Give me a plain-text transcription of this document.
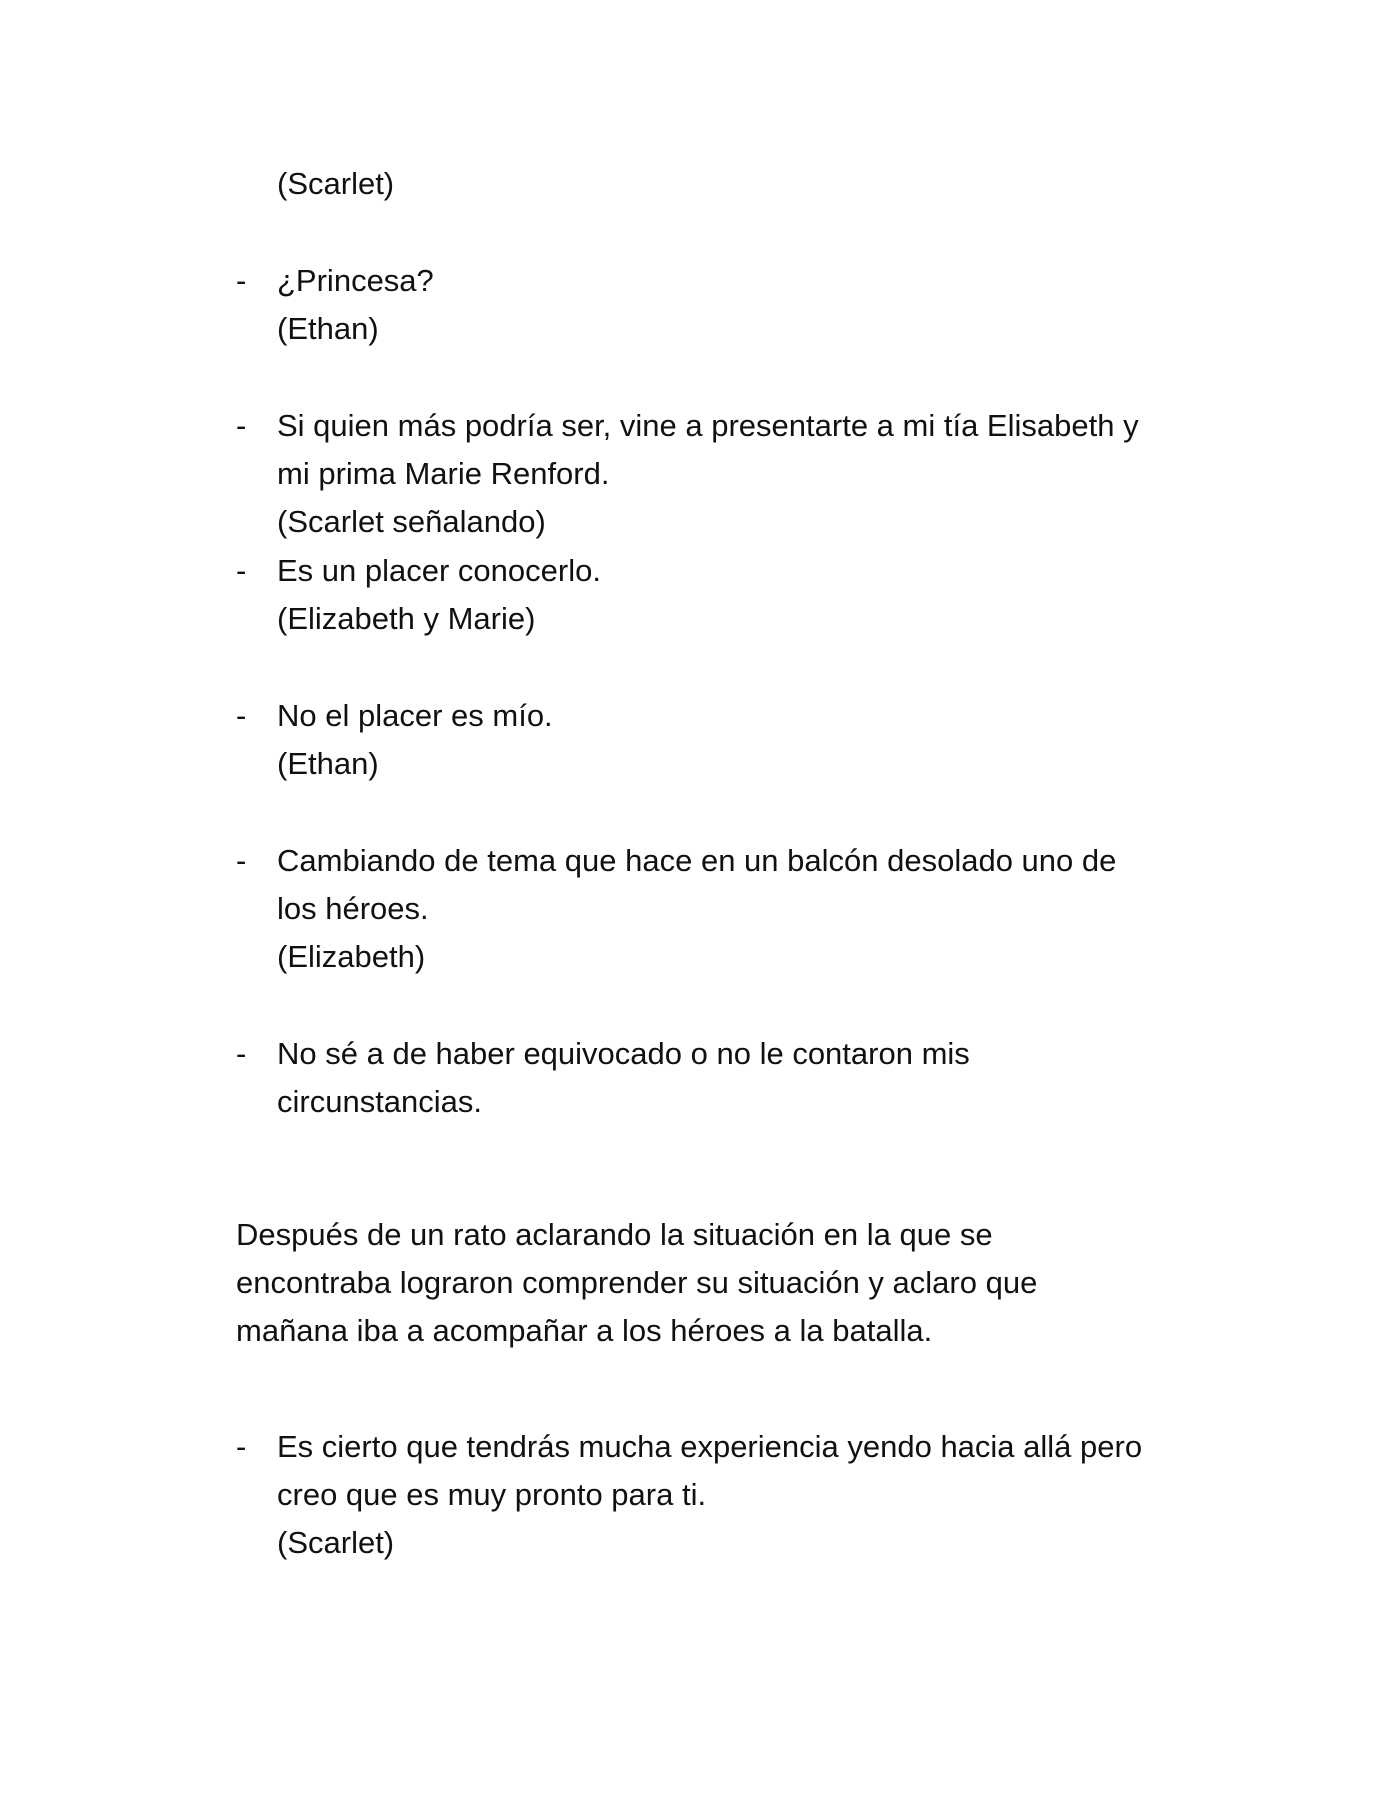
(Scarlet)
- ¿Princesa?
(Ethan)
- Si quien más podría ser, vine a presentarte a mi tía Elisabeth y
mi prima Marie Renford.
(Scarlet señalando)
- Es un placer conocerlo.
(Elizabeth y Marie)
- No el placer es mío.
(Ethan)
- Cambiando de tema que hace en un balcón desolado uno de
los héroes.
(Elizabeth)
- No sé a de haber equivocado o no le contaron mis
circunstancias.
Después de un rato aclarando la situación en la que se
encontraba lograron comprender su situación y aclaro que
mañana iba a acompañar a los héroes a la batalla.
- Es cierto que tendrás mucha experiencia yendo hacia allá pero
creo que es muy pronto para ti.
(Scarlet)
